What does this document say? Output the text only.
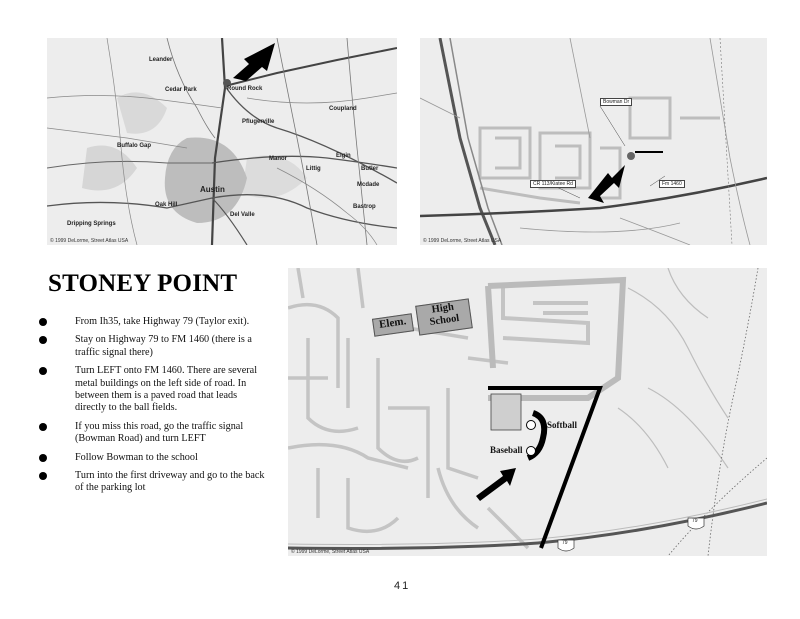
Leander
Cedar Park	Round Rock
Pflugerville
Buffalo Gap
Coupland
Elgin
Manor
Littig	Butler
Austin
Oak Hill
Del Valle
Bastrop
Dripping Springs
Mcdade
© 1999 DeLorme, Street Atlas USA
Bowman Dr
CR 113/Kiatee Rd	Fm 1460
© 1999 DeLorme, Street Atlas USA
STONEY POINT
From Ih35, take Highway 79 (Taylor exit).
Stay on Highway 79 to FM 1460 (there is a traffic signal there)
Turn LEFT onto FM 1460. There are several metal buildings on the left side of road. In between them is a paved road that leads directly to the ball fields.
If you miss this road, go the traffic signal (Bowman Road) and turn LEFT
Follow Bowman to the school
Turn into the first driveway and go to the back of the parking lot
Elem.
High
School
Softball
Baseball
79
79
© 1999 DeLorme, Street Atlas USA
41
